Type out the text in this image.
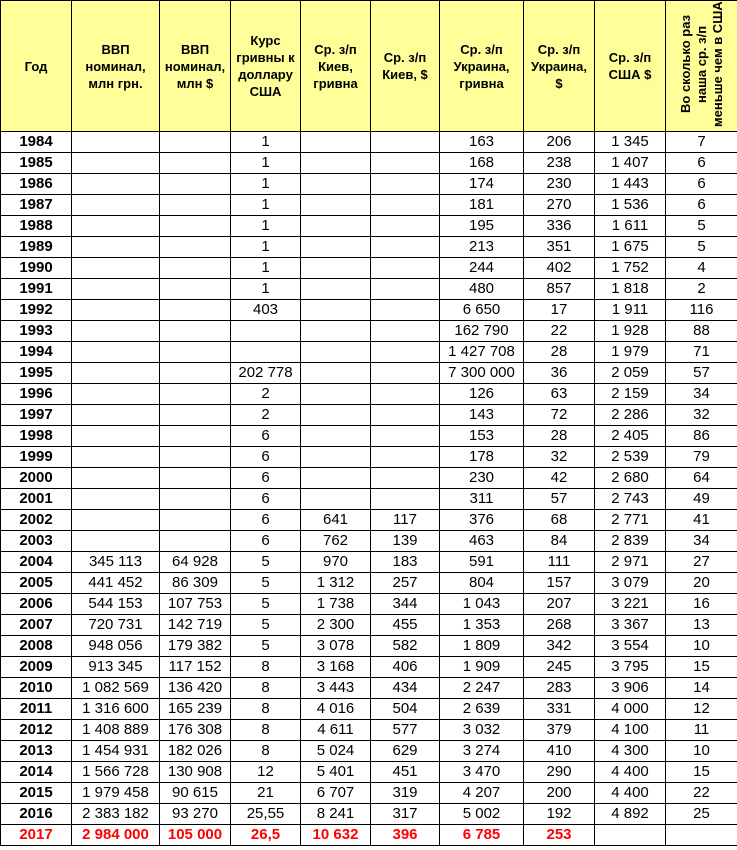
Год	ВВП номинал, млн грн.	ВВП номинал, млн $	Курс гривны к доллару США	Ср. з/п Киев, гривна	Ср. з/п Киев, $	Ср. з/п Украина, гривна	Ср. з/п Украина, $	Ср. з/п США $	Во сколько раз наша ср. з/п меньше чем в США
1984			1			163	206	1 345	7
1985			1			168	238	1 407	6
1986			1			174	230	1 443	6
1987			1			181	270	1 536	6
1988			1			195	336	1 611	5
1989			1			213	351	1 675	5
1990			1			244	402	1 752	4
1991			1			480	857	1 818	2
1992			403			6 650	17	1 911	116
1993						162 790	22	1 928	88
1994						1 427 708	28	1 979	71
1995			202 778			7 300 000	36	2 059	57
1996			2			126	63	2 159	34
1997			2			143	72	2 286	32
1998			6			153	28	2 405	86
1999			6			178	32	2 539	79
2000			6			230	42	2 680	64
2001			6			311	57	2 743	49
2002			6	641	117	376	68	2 771	41
2003			6	762	139	463	84	2 839	34
2004	345 113	64 928	5	970	183	591	111	2 971	27
2005	441 452	86 309	5	1 312	257	804	157	3 079	20
2006	544 153	107 753	5	1 738	344	1 043	207	3 221	16
2007	720 731	142 719	5	2 300	455	1 353	268	3 367	13
2008	948 056	179 382	5	3 078	582	1 809	342	3 554	10
2009	913 345	117 152	8	3 168	406	1 909	245	3 795	15
2010	1 082 569	136 420	8	3 443	434	2 247	283	3 906	14
2011	1 316 600	165 239	8	4 016	504	2 639	331	4 000	12
2012	1 408 889	176 308	8	4 611	577	3 032	379	4 100	11
2013	1 454 931	182 026	8	5 024	629	3 274	410	4 300	10
2014	1 566 728	130 908	12	5 401	451	3 470	290	4 400	15
2015	1 979 458	90 615	21	6 707	319	4 207	200	4 400	22
2016	2 383 182	93 270	25,55	8 241	317	5 002	192	4 892	25
2017	2 984 000	105 000	26,5	10 632	396	6 785	253		
